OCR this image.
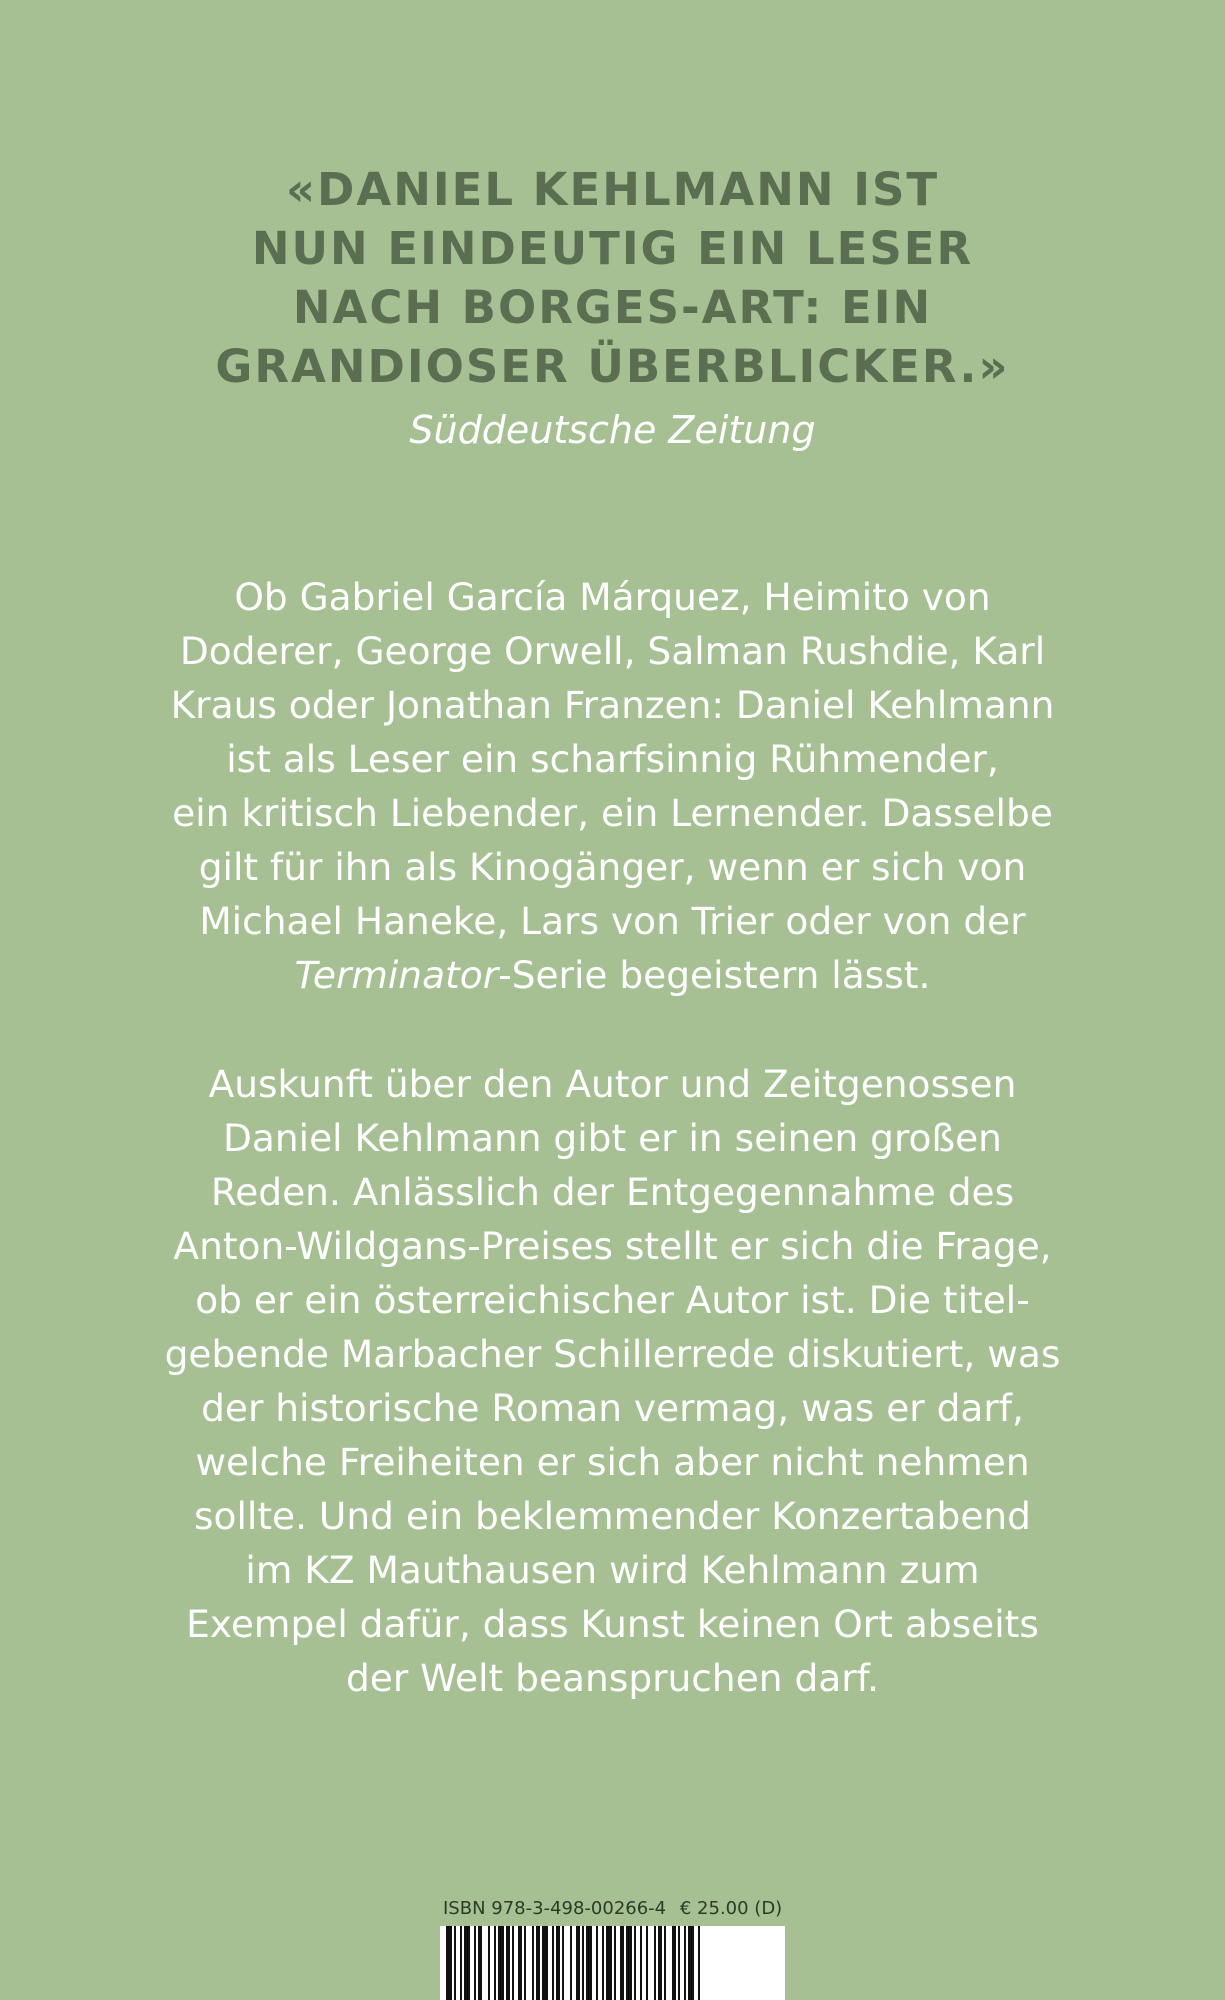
«DANIEL KEHLMANN IST
NUN EINDEUTIG EIN LESER
NACH BORGES-ART: EIN
GRANDIOSER ÜBERBLICKER.»
Süddeutsche Zeitung
Ob Gabriel García Márquez, Heimito von
Doderer, George Orwell, Salman Rushdie, Karl
Kraus oder Jonathan Franzen: Daniel Kehlmann
ist als Leser ein scharfsinnig Rühmender,
ein kritisch Liebender, ein Lernender. Dasselbe
gilt für ihn als Kinogänger, wenn er sich von
Michael Haneke, Lars von Trier oder von der
Terminator-Serie begeistern lässt.
Auskunft über den Autor und Zeitgenossen
Daniel Kehlmann gibt er in seinen großen
Reden. Anlässlich der Entgegennahme des
Anton-Wildgans-Preises stellt er sich die Frage,
ob er ein österreichischer Autor ist. Die titel-
gebende Marbacher Schillerrede diskutiert, was
der historische Roman vermag, was er darf,
welche Freiheiten er sich aber nicht nehmen
sollte. Und ein beklemmender Konzertabend
im KZ Mauthausen wird Kehlmann zum
Exempel dafür, dass Kunst keinen Ort abseits
der Welt beanspruchen darf.
ISBN 978-3-498-00266-4 € 25.00 (D)
